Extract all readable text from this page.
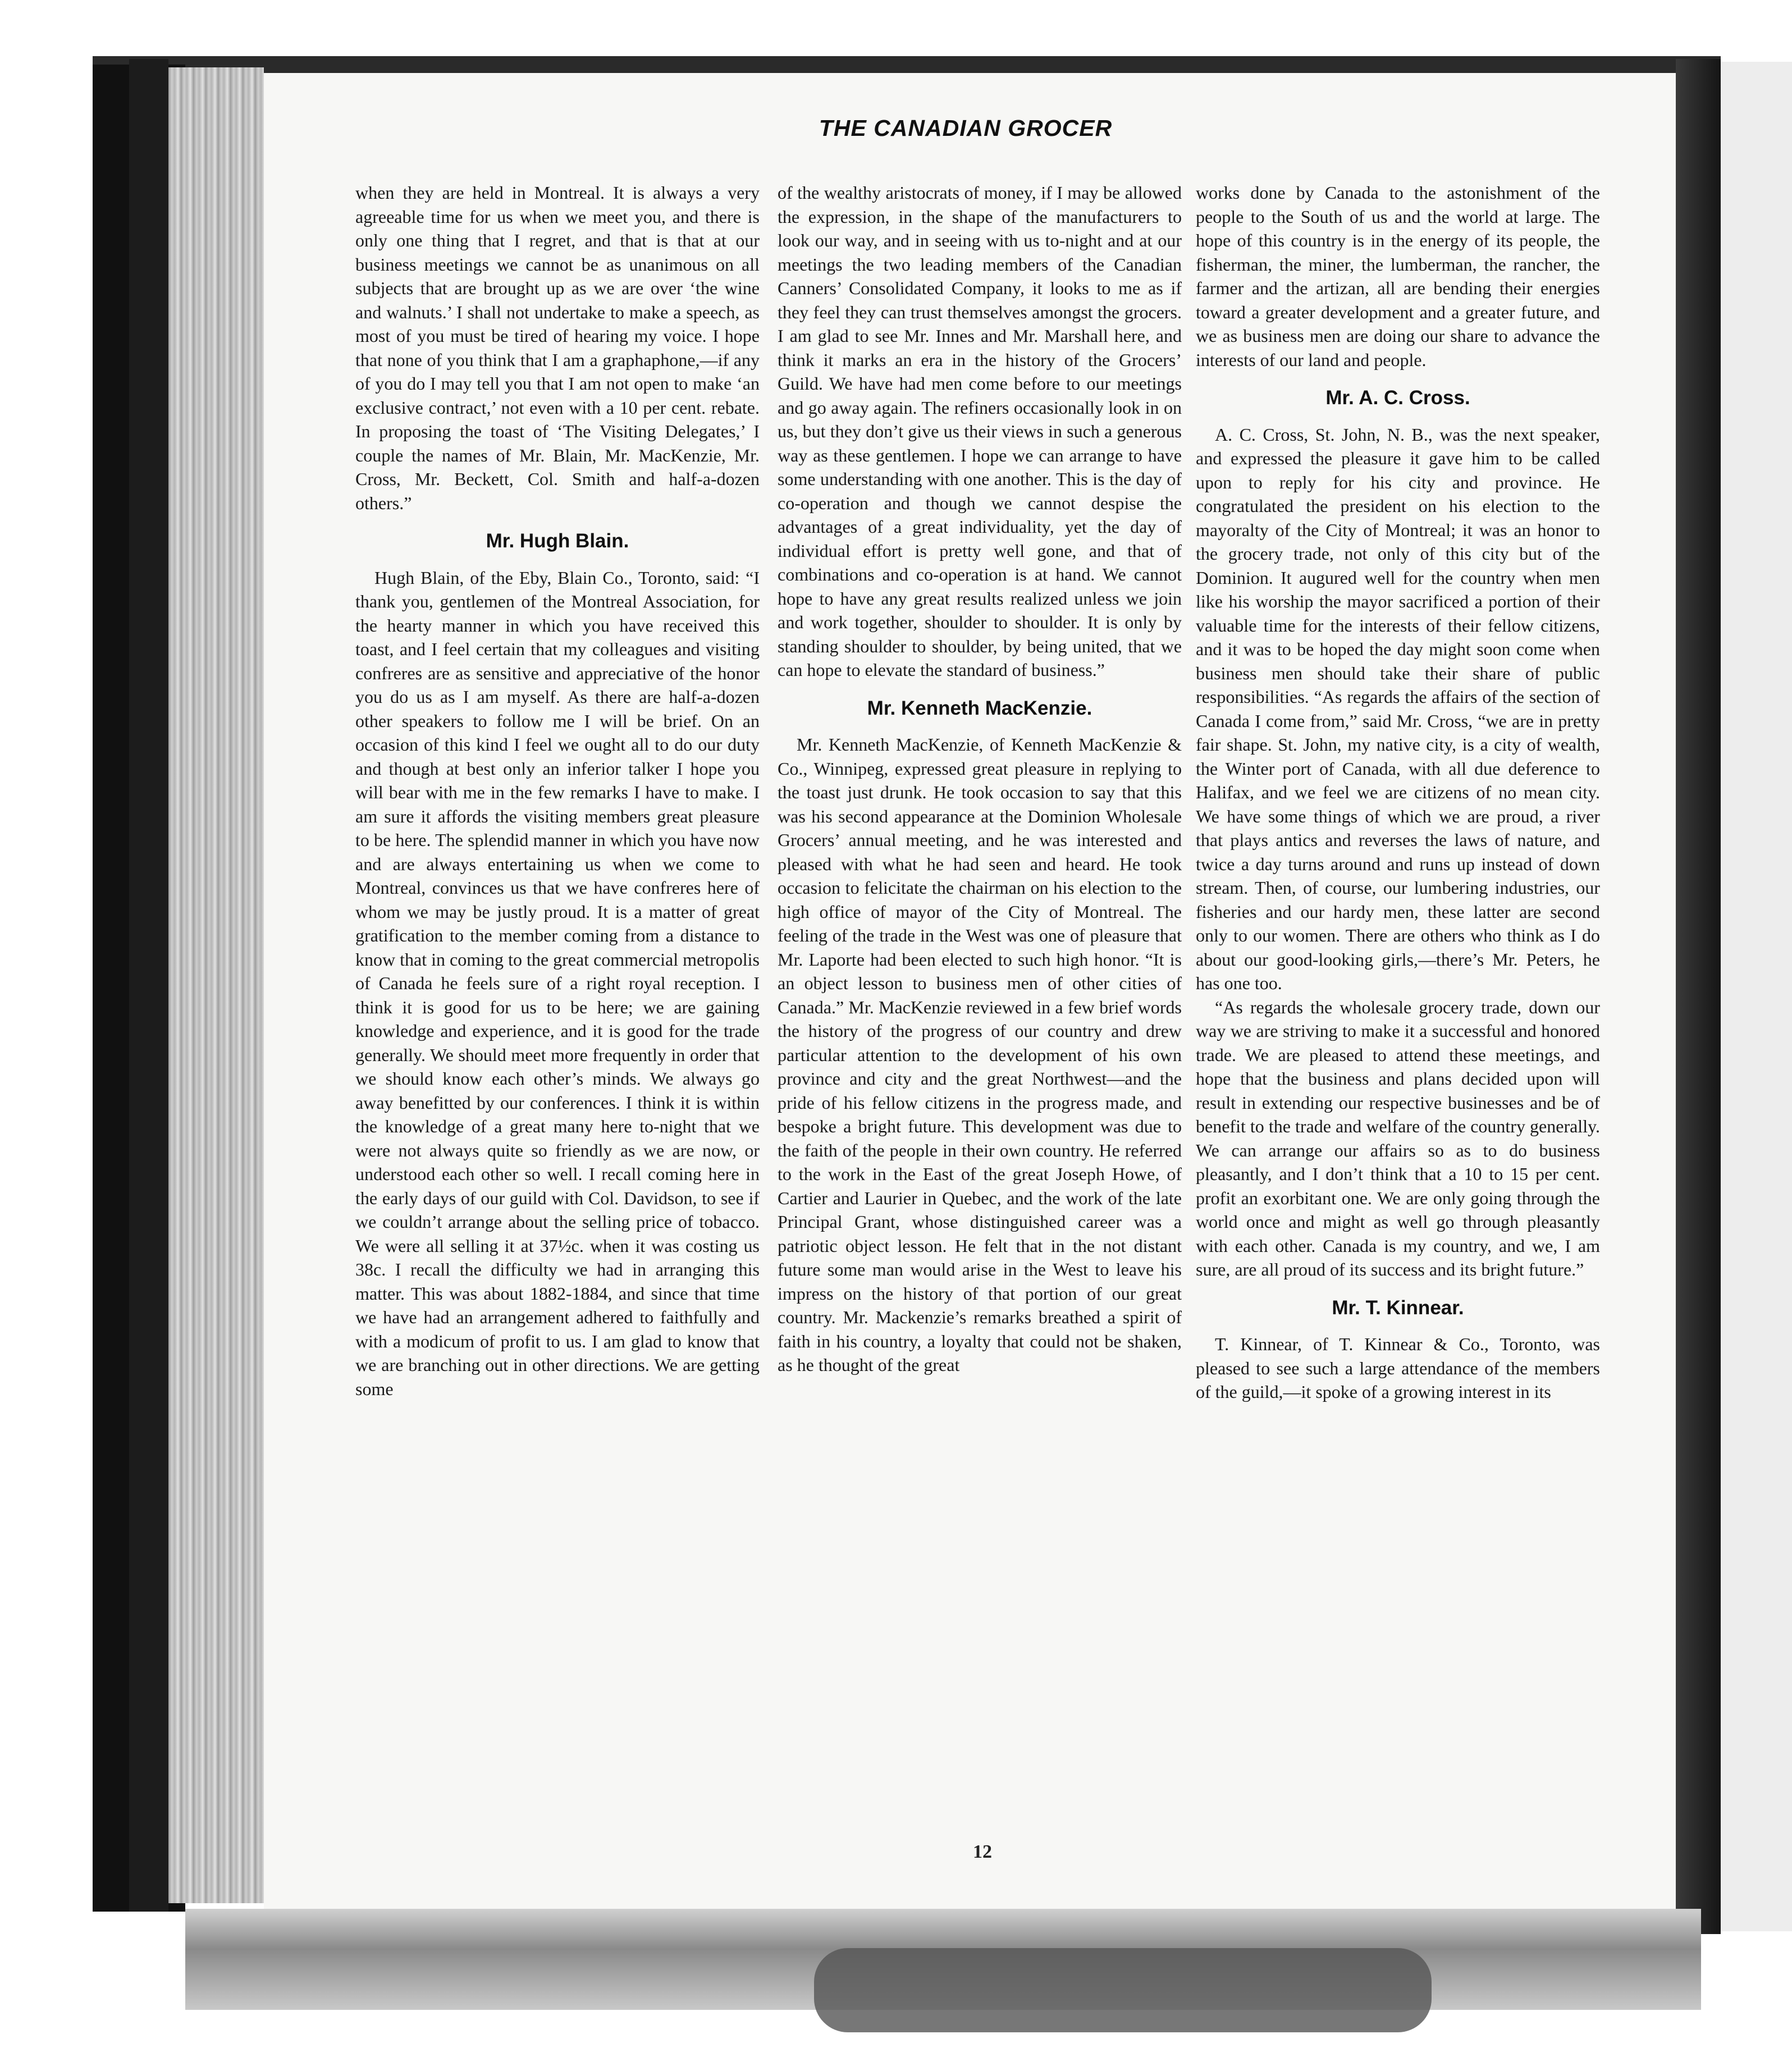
THE CANADIAN GROCER

when they are held in Montreal. It is always a very agreeable time for us when we meet you, and there is only one thing that I regret, and that is that at our business meetings we cannot be as unanimous on all subjects that are brought up as we are over ‘the wine and walnuts.’ I shall not undertake to make a speech, as most of you must be tired of hearing my voice. I hope that none of you think that I am a graphaphone,—if any of you do I may tell you that I am not open to make ‘an exclusive contract,’ not even with a 10 per cent. rebate. In proposing the toast of ‘The Visiting Delegates,’ I couple the names of Mr. Blain, Mr. MacKenzie, Mr. Cross, Mr. Beckett, Col. Smith and half-a-dozen others.”

Mr. Hugh Blain.

Hugh Blain, of the Eby, Blain Co., Toronto, said: “I thank you, gentlemen of the Montreal Association, for the hearty manner in which you have received this toast, and I feel certain that my colleagues and visiting confreres are as sensitive and appreciative of the honor you do us as I am myself. As there are half-a-dozen other speakers to follow me I will be brief. On an occasion of this kind I feel we ought all to do our duty and though at best only an inferior talker I hope you will bear with me in the few remarks I have to make. I am sure it affords the visiting members great pleasure to be here. The splendid manner in which you have now and are always entertaining us when we come to Montreal, convinces us that we have confreres here of whom we may be justly proud. It is a matter of great gratification to the member coming from a distance to know that in coming to the great commercial metropolis of Canada he feels sure of a right royal reception. I think it is good for us to be here; we are gaining knowledge and experience, and it is good for the trade generally. We should meet more frequently in order that we should know each other’s minds. We always go away benefitted by our conferences. I think it is within the knowledge of a great many here to-night that we were not always quite so friendly as we are now, or understood each other so well. I recall coming here in the early days of our guild with Col. Davidson, to see if we couldn’t arrange about the selling price of tobacco. We were all selling it at 37½c. when it was costing us 38c. I recall the difficulty we had in arranging this matter. This was about 1882-1884, and since that time we have had an arrangement adhered to faithfully and with a modicum of profit to us. I am glad to know that we are branching out in other directions. We are getting some

of the wealthy aristocrats of money, if I may be allowed the expression, in the shape of the manufacturers to look our way, and in seeing with us to-night and at our meetings the two leading members of the Canadian Canners’ Consolidated Company, it looks to me as if they feel they can trust themselves amongst the grocers. I am glad to see Mr. Innes and Mr. Marshall here, and think it marks an era in the history of the Grocers’ Guild. We have had men come before to our meetings and go away again. The refiners occasionally look in on us, but they don’t give us their views in such a generous way as these gentlemen. I hope we can arrange to have some understanding with one another. This is the day of co-operation and though we cannot despise the advantages of a great individuality, yet the day of individual effort is pretty well gone, and that of combinations and co-operation is at hand. We cannot hope to have any great results realized unless we join and work together, shoulder to shoulder. It is only by standing shoulder to shoulder, by being united, that we can hope to elevate the standard of business.”

Mr. Kenneth MacKenzie.

Mr. Kenneth MacKenzie, of Kenneth MacKenzie & Co., Winnipeg, expressed great pleasure in replying to the toast just drunk. He took occasion to say that this was his second appearance at the Dominion Wholesale Grocers’ annual meeting, and he was interested and pleased with what he had seen and heard. He took occasion to felicitate the chairman on his election to the high office of mayor of the City of Montreal. The feeling of the trade in the West was one of pleasure that Mr. Laporte had been elected to such high honor. “It is an object lesson to business men of other cities of Canada.” Mr. MacKenzie reviewed in a few brief words the history of the progress of our country and drew particular attention to the development of his own province and city and the great Northwest—and the pride of his fellow citizens in the progress made, and bespoke a bright future. This development was due to the faith of the people in their own country. He referred to the work in the East of the great Joseph Howe, of Cartier and Laurier in Quebec, and the work of the late Principal Grant, whose distinguished career was a patriotic object lesson. He felt that in the not distant future some man would arise in the West to leave his impress on the history of that portion of our great country. Mr. Mackenzie’s remarks breathed a spirit of faith in his country, a loyalty that could not be shaken, as he thought of the great

works done by Canada to the astonishment of the people to the South of us and the world at large. The hope of this country is in the energy of its people, the fisherman, the miner, the lumberman, the rancher, the farmer and the artizan, all are bending their energies toward a greater development and a greater future, and we as business men are doing our share to advance the interests of our land and people.

Mr. A. C. Cross.

A. C. Cross, St. John, N. B., was the next speaker, and expressed the pleasure it gave him to be called upon to reply for his city and province. He congratulated the president on his election to the mayoralty of the City of Montreal; it was an honor to the grocery trade, not only of this city but of the Dominion. It augured well for the country when men like his worship the mayor sacrificed a portion of their valuable time for the interests of their fellow citizens, and it was to be hoped the day might soon come when business men should take their share of public responsibilities. “As regards the affairs of the section of Canada I come from,” said Mr. Cross, “we are in pretty fair shape. St. John, my native city, is a city of wealth, the Winter port of Canada, with all due deference to Halifax, and we feel we are citizens of no mean city. We have some things of which we are proud, a river that plays antics and reverses the laws of nature, and twice a day turns around and runs up instead of down stream. Then, of course, our lumbering industries, our fisheries and our hardy men, these latter are second only to our women. There are others who think as I do about our good-looking girls,—there’s Mr. Peters, he has one too.

“As regards the wholesale grocery trade, down our way we are striving to make it a successful and honored trade. We are pleased to attend these meetings, and hope that the business and plans decided upon will result in extending our respective businesses and be of benefit to the trade and welfare of the country generally. We can arrange our affairs so as to do business pleasantly, and I don’t think that a 10 to 15 per cent. profit an exorbitant one. We are only going through the world once and might as well go through pleasantly with each other. Canada is my country, and we, I am sure, are all proud of its success and its bright future.”

Mr. T. Kinnear.

T. Kinnear, of T. Kinnear & Co., Toronto, was pleased to see such a large attendance of the members of the guild,—it spoke of a growing interest in its

12
